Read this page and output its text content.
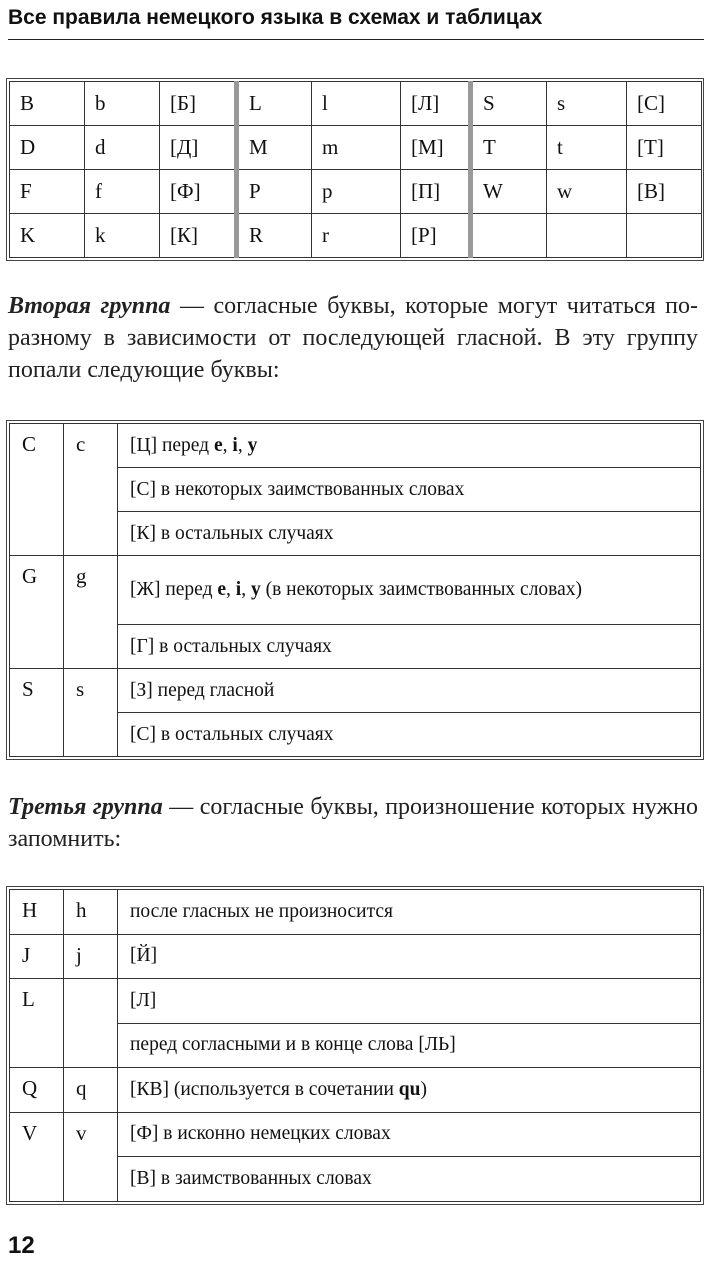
Все правила немецкого языка в схемах и таблицах
B	b	[Б]	L	l	[Л]	S	s	[С]
D	d	[Д]	M	m	[М]	T	t	[Т]
F	f	[Ф]	P	p	[П]	W	w	[В]
K	k	[К]	R	r	[Р]			
Вторая группа — согласные буквы, которые могут читаться по-разному в зависимости от последующей гласной. В эту группу попали следующие буквы:
C	c	[Ц] перед e, i, y
		[С] в некоторых заимствованных словах
		[К] в остальных случаях
G	g	[Ж] перед e, i, y (в некоторых заимствованных словах)
		[Г] в остальных случаях
S	s	[З] перед гласной
		[С] в остальных случаях
Третья группа — согласные буквы, произношение которых нужно запомнить:
H	h	после гласных не произносится
J	j	[Й]
L		[Л]
		перед согласными и в конце слова [ЛЬ]
Q	q	[КВ] (используется в сочетании qu)
V	v	[Ф] в исконно немецких словах
		[В] в заимствованных словах
12
